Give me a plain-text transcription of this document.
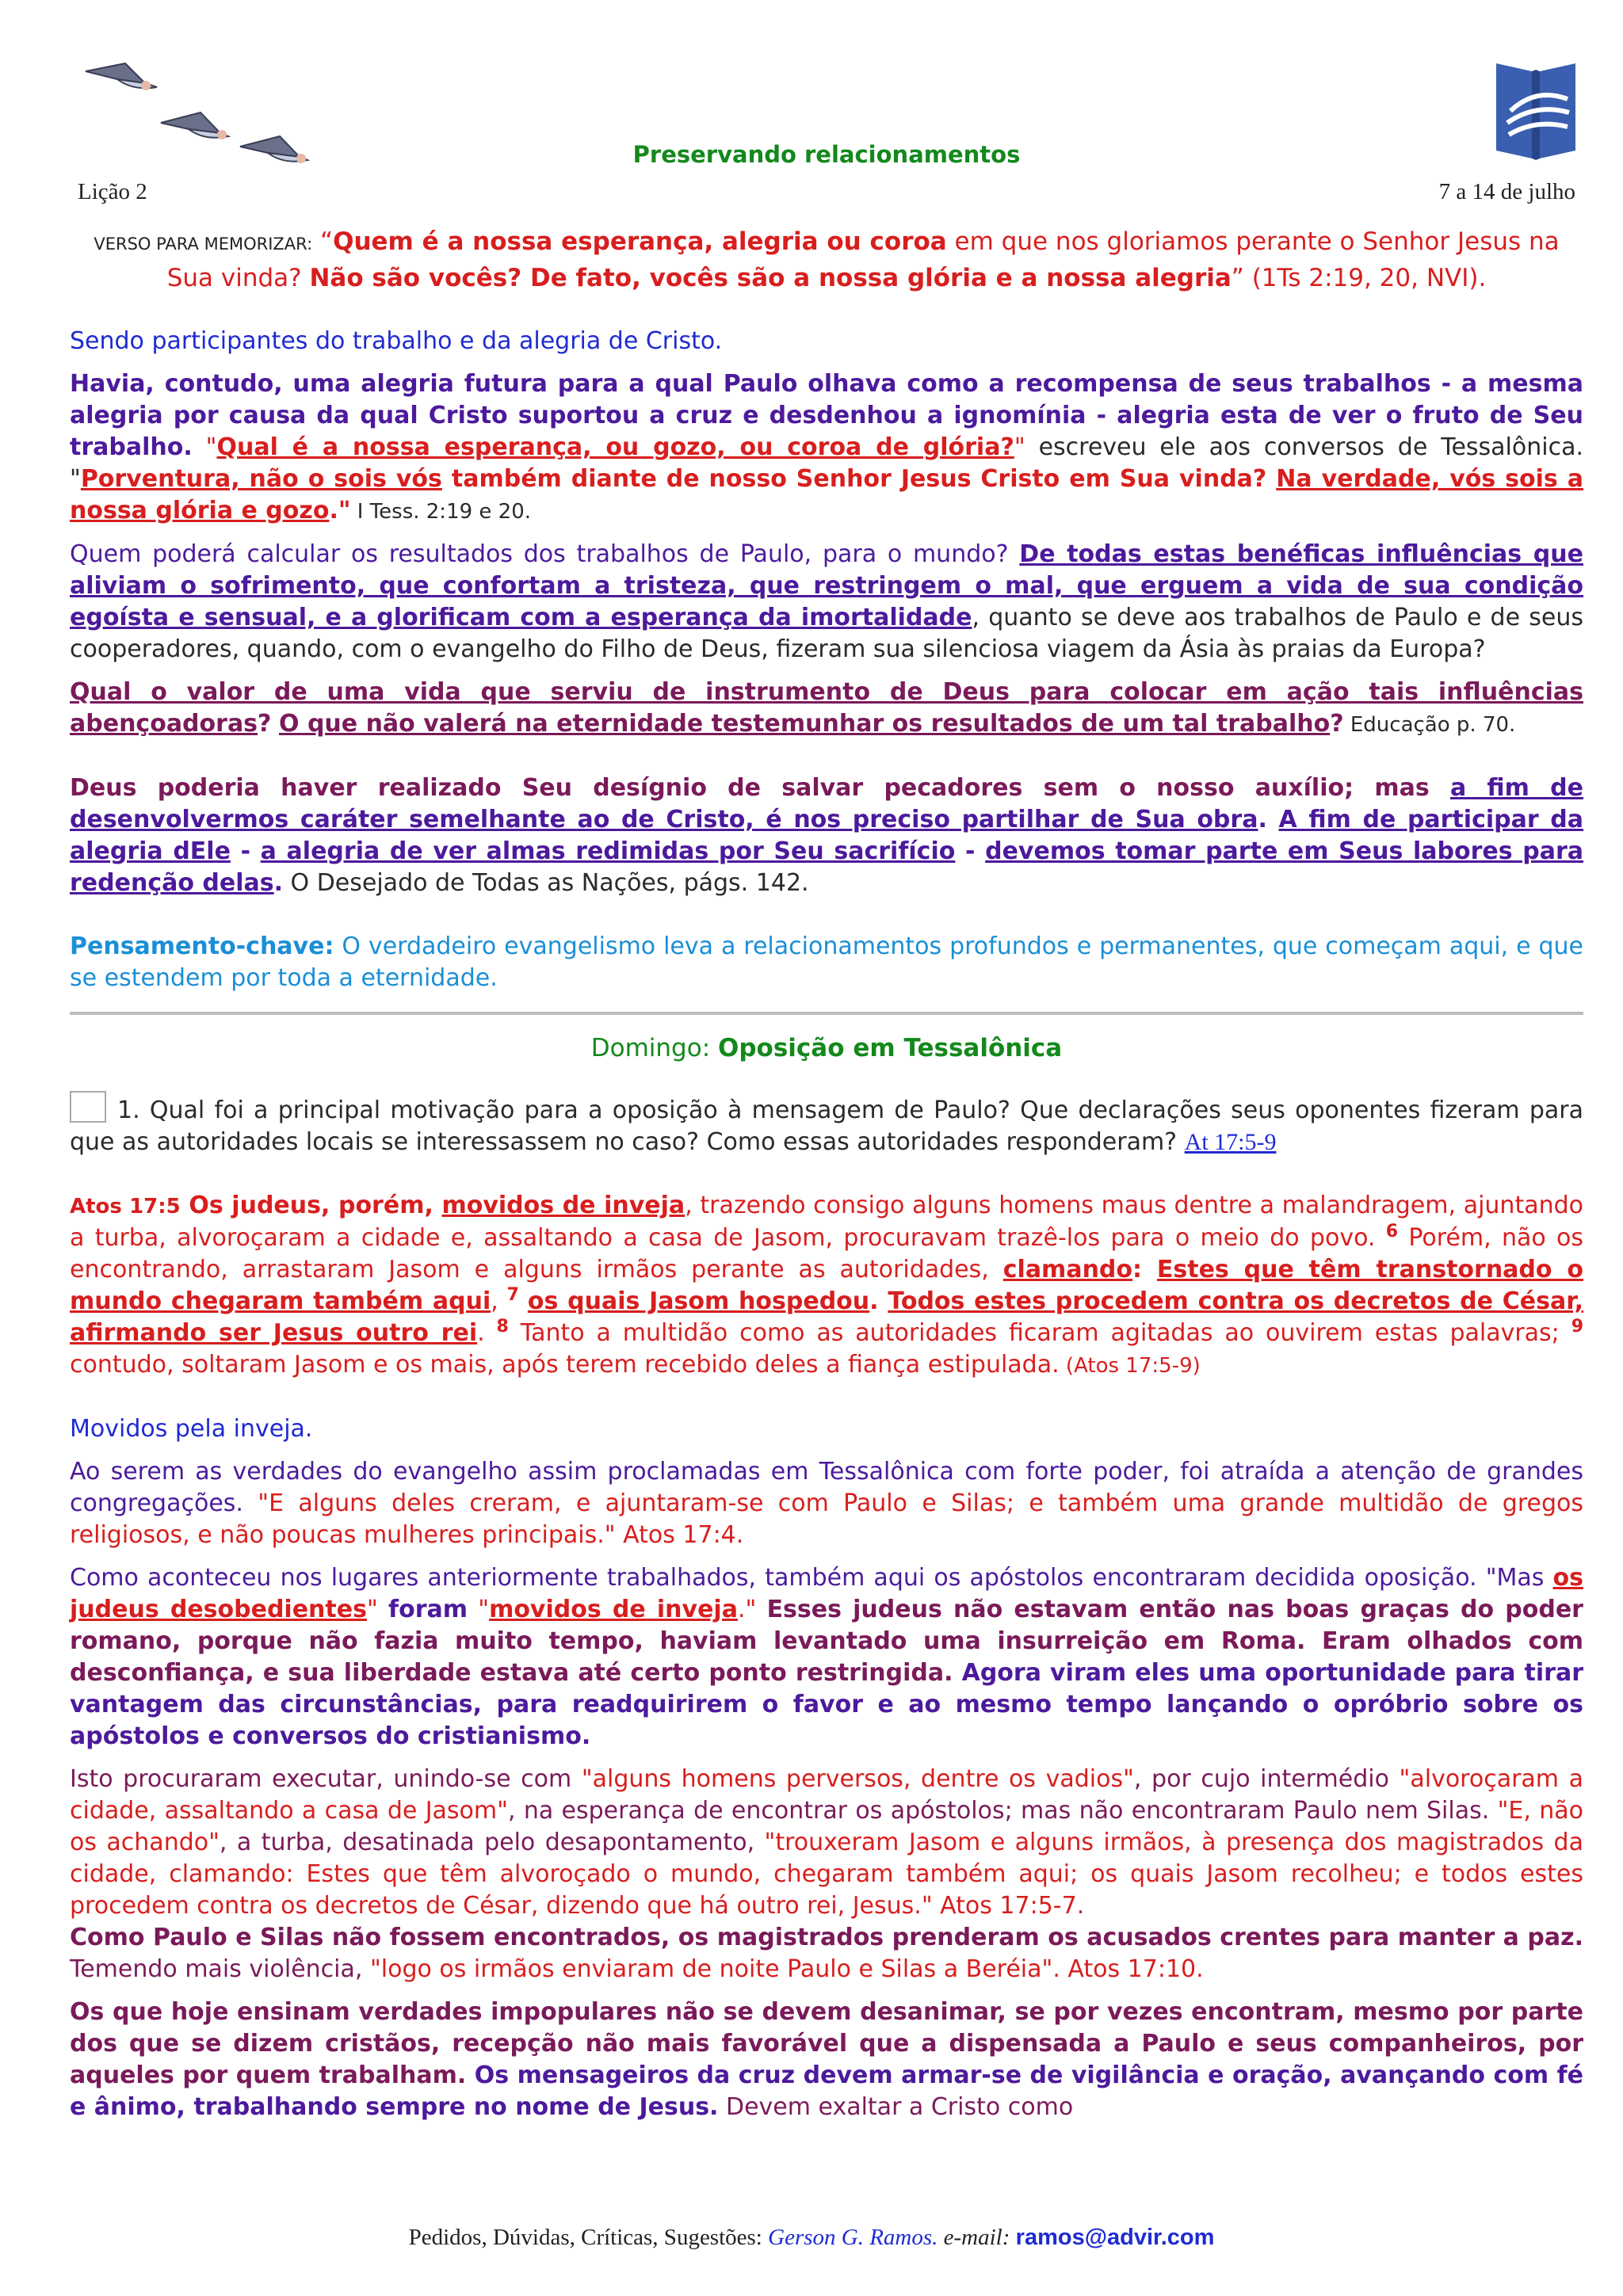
Preservando relacionamentos
Lição 2	7 a 14 de julho
VERSO PARA MEMORIZAR: “Quem é a nossa esperança, alegria ou coroa em que nos gloriamos perante o Senhor Jesus na Sua vinda? Não são vocês? De fato, vocês são a nossa glória e a nossa alegria” (1Ts 2:19, 20, NVI).

Sendo participantes do trabalho e da alegria de Cristo.

Havia, contudo, uma alegria futura para a qual Paulo olhava como a recompensa de seus trabalhos - a mesma alegria por causa da qual Cristo suportou a cruz e desdenhou a ignomínia - alegria esta de ver o fruto de Seu trabalho. "Qual é a nossa esperança, ou gozo, ou coroa de glória?" escreveu ele aos conversos de Tessalônica. "Porventura, não o sois vós também diante de nosso Senhor Jesus Cristo em Sua vinda? Na verdade, vós sois a nossa glória e gozo." I Tess. 2:19 e 20.

Quem poderá calcular os resultados dos trabalhos de Paulo, para o mundo? De todas estas benéficas influências que aliviam o sofrimento, que confortam a tristeza, que restringem o mal, que erguem a vida de sua condição egoísta e sensual, e a glorificam com a esperança da imortalidade, quanto se deve aos trabalhos de Paulo e de seus cooperadores, quando, com o evangelho do Filho de Deus, fizeram sua silenciosa viagem da Ásia às praias da Europa?

Qual o valor de uma vida que serviu de instrumento de Deus para colocar em ação tais influências abençoadoras? O que não valerá na eternidade testemunhar os resultados de um tal trabalho? Educação p. 70.

Deus poderia haver realizado Seu desígnio de salvar pecadores sem o nosso auxílio; mas a fim de desenvolvermos caráter semelhante ao de Cristo, é nos preciso partilhar de Sua obra. A fim de participar da alegria dEle - a alegria de ver almas redimidas por Seu sacrifício - devemos tomar parte em Seus labores para redenção delas. O Desejado de Todas as Nações, págs. 142.

Pensamento-chave: O verdadeiro evangelismo leva a relacionamentos profundos e permanentes, que começam aqui, e que se estendem por toda a eternidade.

Domingo: Oposição em Tessalônica

1. Qual foi a principal motivação para a oposição à mensagem de Paulo? Que declarações seus oponentes fizeram para que as autoridades locais se interessassem no caso? Como essas autoridades responderam? At 17:5-9

Atos 17:5 Os judeus, porém, movidos de inveja, trazendo consigo alguns homens maus dentre a malandragem, ajuntando a turba, alvoroçaram a cidade e, assaltando a casa de Jasom, procuravam trazê-los para o meio do povo. $^6$ Porém, não os encontrando, arrastaram Jasom e alguns irmãos perante as autoridades, clamando: Estes que têm transtornado o mundo chegaram também aqui, $^7$ os quais Jasom hospedou. Todos estes procedem contra os decretos de César, afirmando ser Jesus outro rei. $^8$ Tanto a multidão como as autoridades ficaram agitadas ao ouvirem estas palavras; $^9$ contudo, soltaram Jasom e os mais, após terem recebido deles a fiança estipulada. (Atos 17:5-9)

Movidos pela inveja.

Ao serem as verdades do evangelho assim proclamadas em Tessalônica com forte poder, foi atraída a atenção de grandes congregações. "E alguns deles creram, e ajuntaram-se com Paulo e Silas; e também uma grande multidão de gregos religiosos, e não poucas mulheres principais." Atos 17:4.

Como aconteceu nos lugares anteriormente trabalhados, também aqui os apóstolos encontraram decidida oposição. "Mas os judeus desobedientes" foram "movidos de inveja." Esses judeus não estavam então nas boas graças do poder romano, porque não fazia muito tempo, haviam levantado uma insurreição em Roma. Eram olhados com desconfiança, e sua liberdade estava até certo ponto restringida. Agora viram eles uma oportunidade para tirar vantagem das circunstâncias, para readquirirem o favor e ao mesmo tempo lançando o opróbrio sobre os apóstolos e conversos do cristianismo.

Isto procuraram executar, unindo-se com "alguns homens perversos, dentre os vadios", por cujo intermédio "alvoroçaram a cidade, assaltando a casa de Jasom", na esperança de encontrar os apóstolos; mas não encontraram Paulo nem Silas. "E, não os achando", a turba, desatinada pelo desapontamento, "trouxeram Jasom e alguns irmãos, à presença dos magistrados da cidade, clamando: Estes que têm alvoroçado o mundo, chegaram também aqui; os quais Jasom recolheu; e todos estes procedem contra os decretos de César, dizendo que há outro rei, Jesus." Atos 17:5-7.

Como Paulo e Silas não fossem encontrados, os magistrados prenderam os acusados crentes para manter a paz. Temendo mais violência, "logo os irmãos enviaram de noite Paulo e Silas a Beréia". Atos 17:10.

Os que hoje ensinam verdades impopulares não se devem desanimar, se por vezes encontram, mesmo por parte dos que se dizem cristãos, recepção não mais favorável que a dispensada a Paulo e seus companheiros, por aqueles por quem trabalham. Os mensageiros da cruz devem armar-se de vigilância e oração, avançando com fé e ânimo, trabalhando sempre no nome de Jesus. Devem exaltar a Cristo como

Pedidos, Dúvidas, Críticas, Sugestões: Gerson G. Ramos. e-mail: ramos@advir.com
